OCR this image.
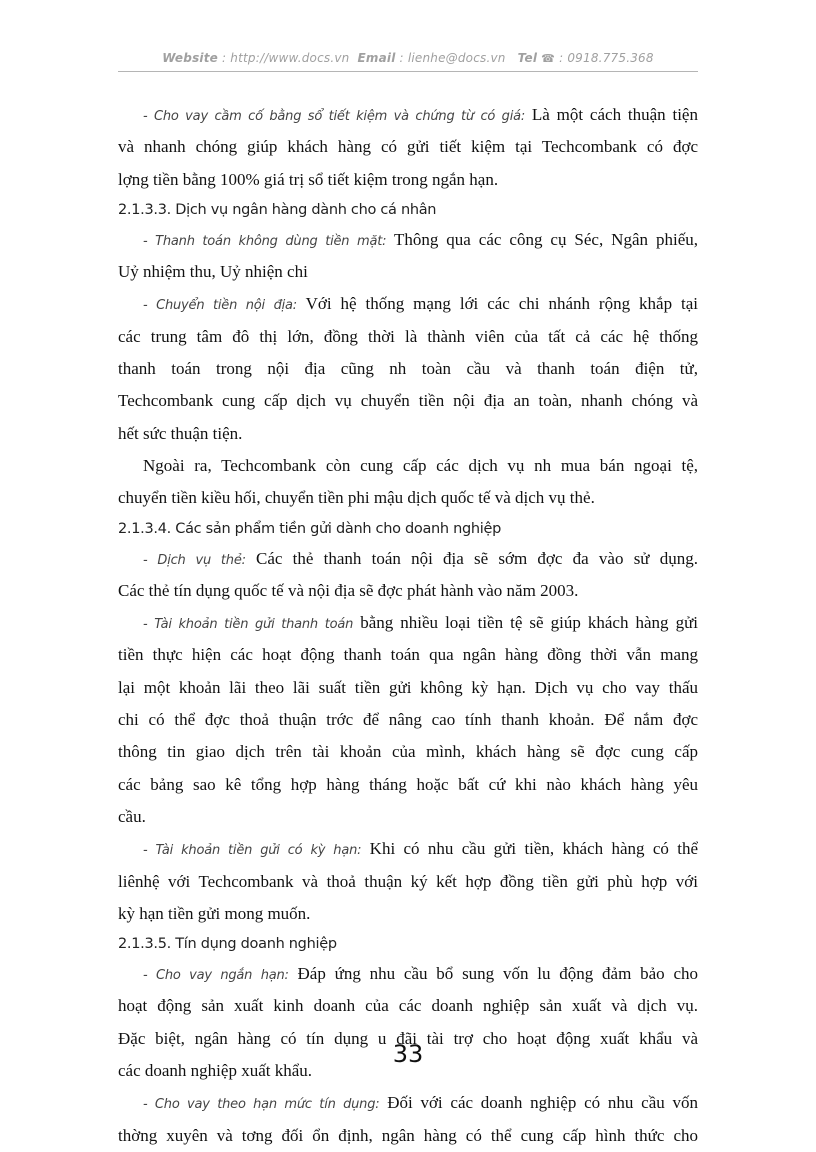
Website : http://www.docs.vn Email : lienhe@docs.vn Tel ☎ : 0918.775.368
- Cho vay cầm cố bằng sổ tiết kiệm và chứng từ có giá: Là một cách thuận tiện
và nhanh chóng giúp khách hàng có gửi tiết kiệm tại Techcombank có đợc
lợng tiền bằng 100% giá trị sổ tiết kiệm trong ngắn hạn.
2.1.3.3. Dịch vụ ngân hàng dành cho cá nhân
- Thanh toán không dùng tiền mặt: Thông qua các công cụ Séc, Ngân phiếu,
Uỷ nhiệm thu, Uỷ nhiện chi
- Chuyển tiền nội địa: Với hệ thống mạng lới các chi nhánh rộng khắp tại
các trung tâm đô thị lớn, đồng thời là thành viên của tất cả các hệ thống
thanh toán trong nội địa cũng nh toàn cầu và thanh toán điện tử,
Techcombank cung cấp dịch vụ chuyển tiền nội địa an toàn, nhanh chóng và
hết sức thuận tiện.
Ngoài ra, Techcombank còn cung cấp các dịch vụ nh mua bán ngoại tệ,
chuyển tiền kiều hối, chuyển tiền phi mậu dịch quốc tế và dịch vụ thẻ.
2.1.3.4. Các sản phẩm tiền gửi dành cho doanh nghiệp
- Dịch vụ thẻ: Các thẻ thanh toán nội địa sẽ sớm đợc đa vào sử dụng.
Các thẻ tín dụng quốc tế và nội địa sẽ đợc phát hành vào năm 2003.
- Tài khoản tiền gửi thanh toán bằng nhiều loại tiền tệ sẽ giúp khách hàng gửi
tiền thực hiện các hoạt động thanh toán qua ngân hàng đồng thời vẫn mang
lại một khoản lãi theo lãi suất tiền gửi không kỳ hạn. Dịch vụ cho vay thấu
chi có thể đợc thoả thuận trớc để nâng cao tính thanh khoản. Để nắm đợc
thông tin giao dịch trên tài khoản của mình, khách hàng sẽ đợc cung cấp
các bảng sao kê tổng hợp hàng tháng hoặc bất cứ khi nào khách hàng yêu
cầu.
- Tài khoản tiền gửi có kỳ hạn: Khi có nhu cầu gửi tiền, khách hàng có thể
liênhệ với Techcombank và thoả thuận ký kết hợp đồng tiền gửi phù hợp với
kỳ hạn tiền gửi mong muốn.
2.1.3.5. Tín dụng doanh nghiệp
- Cho vay ngắn hạn: Đáp ứng nhu cầu bổ sung vốn lu động đảm bảo cho
hoạt động sản xuất kinh doanh của các doanh nghiệp sản xuất và dịch vụ.
Đặc biệt, ngân hàng có tín dụng u đãi tài trợ cho hoạt động xuất khẩu và
các doanh nghiệp xuất khẩu.
- Cho vay theo hạn mức tín dụng: Đối với các doanh nghiệp có nhu cầu vốn
thờng xuyên và tơng đối ổn định, ngân hàng có thể cung cấp hình thức cho
33
